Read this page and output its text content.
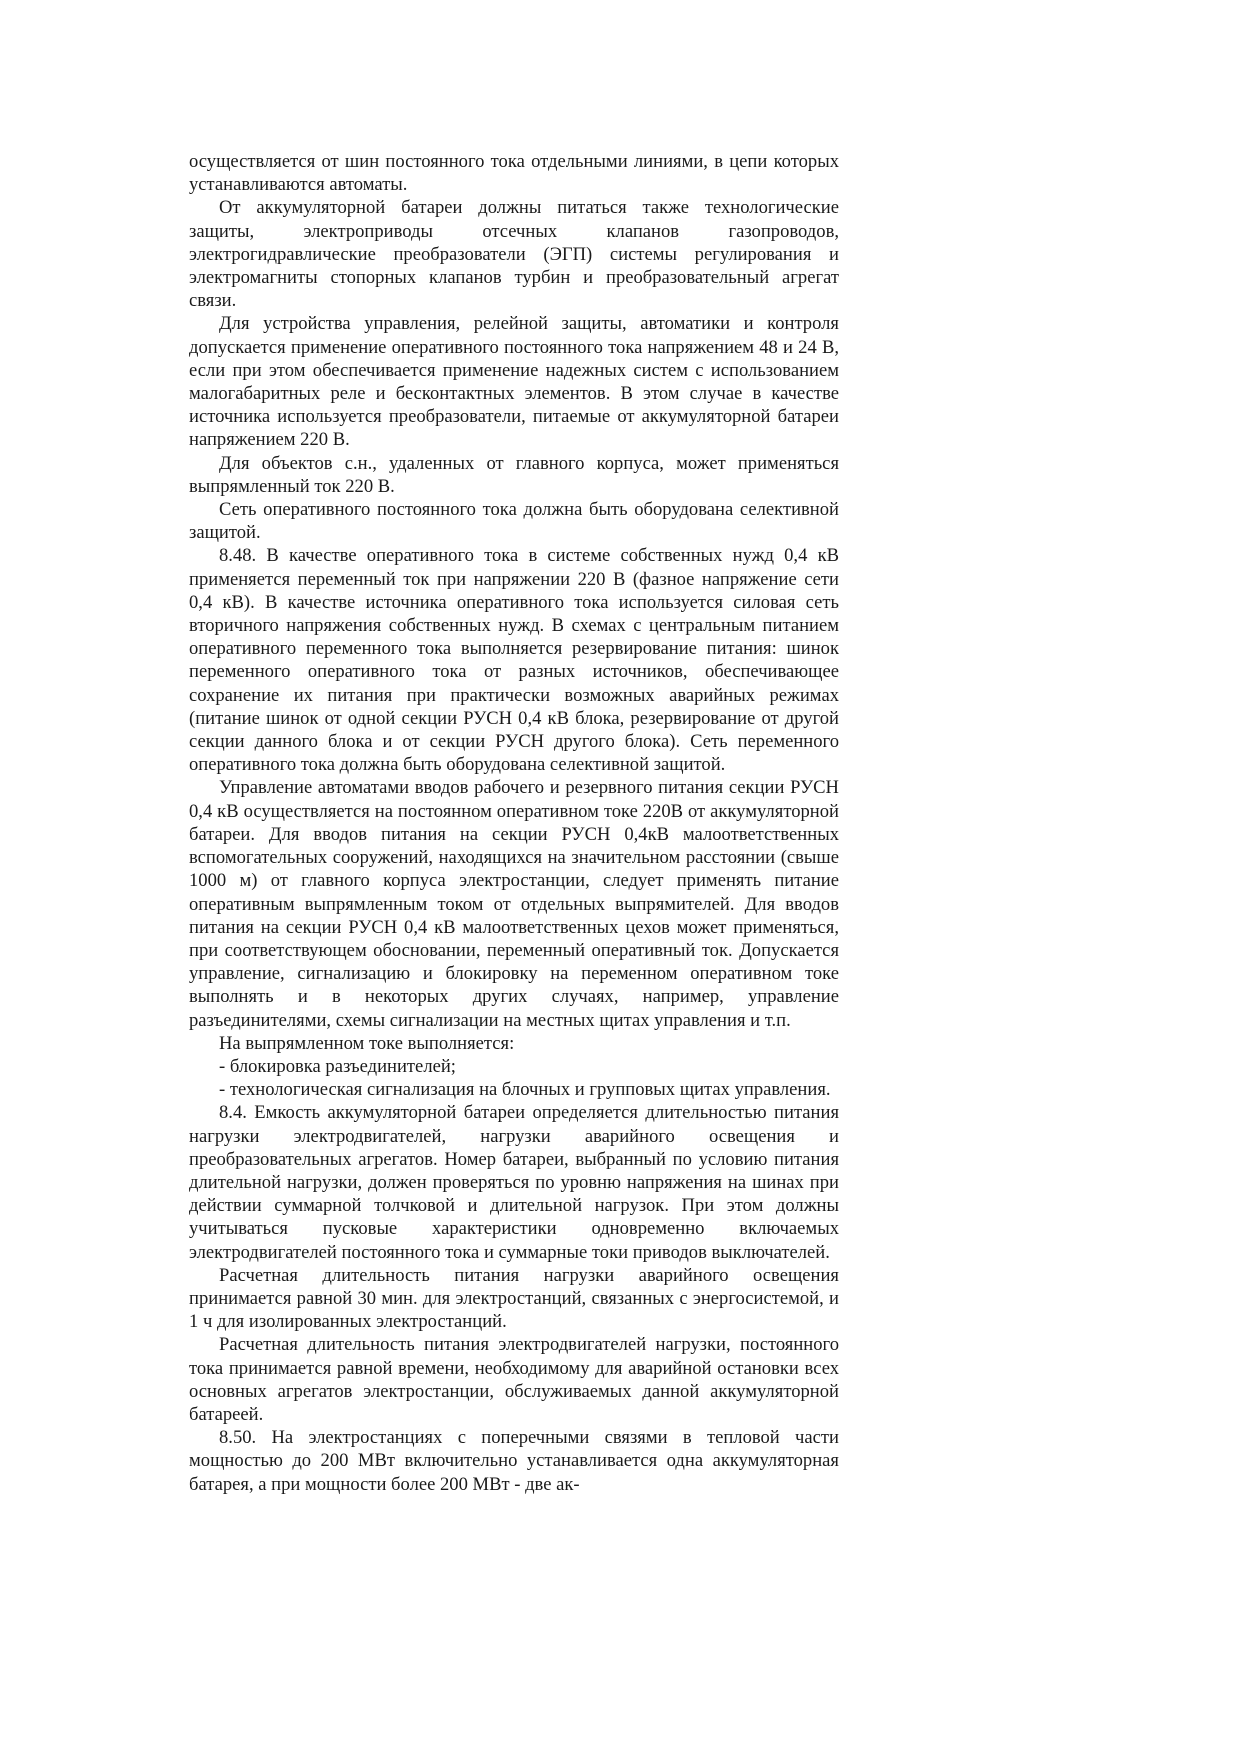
осуществляется от шин постоянного тока отдельными линиями, в цепи которых устанавливаются автоматы.

От аккумуляторной батареи должны питаться также технологические защиты, электроприводы отсечных клапанов газопроводов, электрогидравлические преобразователи (ЭГП) системы регулирования и электромагниты стопорных клапанов турбин и преобразовательный агрегат связи.

Для устройства управления, релейной защиты, автоматики и контроля допускается применение оперативного постоянного тока напряжением 48 и 24 В, если при этом обеспечивается применение надежных систем с использованием малогабаритных реле и бесконтактных элементов. В этом случае в качестве источника используется преобразователи, питаемые от аккумуляторной батареи напряжением 220 В.

Для объектов с.н., удаленных от главного корпуса, может применяться выпрямленный ток 220 В.

Сеть оперативного постоянного тока должна быть оборудована селективной защитой.

8.48. В качестве оперативного тока в системе собственных нужд 0,4 кВ применяется переменный ток при напряжении 220 В (фазное напряжение сети 0,4 кВ). В качестве источника оперативного тока используется силовая сеть вторичного напряжения собственных нужд. В схемах с центральным питанием оперативного переменного тока выполняется резервирование питания: шинок переменного оперативного тока от разных источников, обеспечивающее сохранение их питания при практически возможных аварийных режимах (питание шинок от одной секции РУСН 0,4 кВ блока, резервирование от другой секции данного блока и от секции РУСН другого блока). Сеть переменного оперативного тока должна быть оборудована селективной защитой.

Управление автоматами вводов рабочего и резервного питания секции РУСН 0,4 кВ осуществляется на постоянном оперативном токе 220В от аккумуляторной батареи. Для вводов питания на секции РУСН 0,4кВ малоответственных вспомогательных сооружений, находящихся на значительном расстоянии (свыше 1000 м) от главного корпуса электростанции, следует применять питание оперативным выпрямленным током от отдельных выпрямителей. Для вводов питания на секции РУСН 0,4 кВ малоответственных цехов может применяться, при соответствующем обосновании, переменный оперативный ток. Допускается управление, сигнализацию и блокировку на переменном оперативном токе выполнять и в некоторых других случаях, например, управление разъединителями, схемы сигнализации на местных щитах управления и т.п.

На выпрямленном токе выполняется:

- блокировка разъединителей;

- технологическая сигнализация на блочных и групповых щитах управления.

8.4. Емкость аккумуляторной батареи определяется длительностью питания нагрузки электродвигателей, нагрузки аварийного освещения и преобразовательных агрегатов. Номер батареи, выбранный по условию питания длительной нагрузки, должен проверяться по уровню напряжения на шинах при действии суммарной толчковой и длительной нагрузок. При этом должны учитываться пусковые характеристики одновременно включаемых электродвигателей постоянного тока и суммарные токи приводов выключателей.

Расчетная длительность питания нагрузки аварийного освещения принимается равной 30 мин. для электростанций, связанных с энергосистемой, и 1 ч для изолированных электростанций.

Расчетная длительность питания электродвигателей нагрузки, постоянного тока принимается равной времени, необходимому для аварийной остановки всех основных агрегатов электростанции, обслуживаемых данной аккумуляторной батареей.

8.50. На электростанциях с поперечными связями в тепловой части мощностью до 200 МВт включительно устанавливается одна аккумуляторная батарея, а при мощности более 200 МВт - две ак-
